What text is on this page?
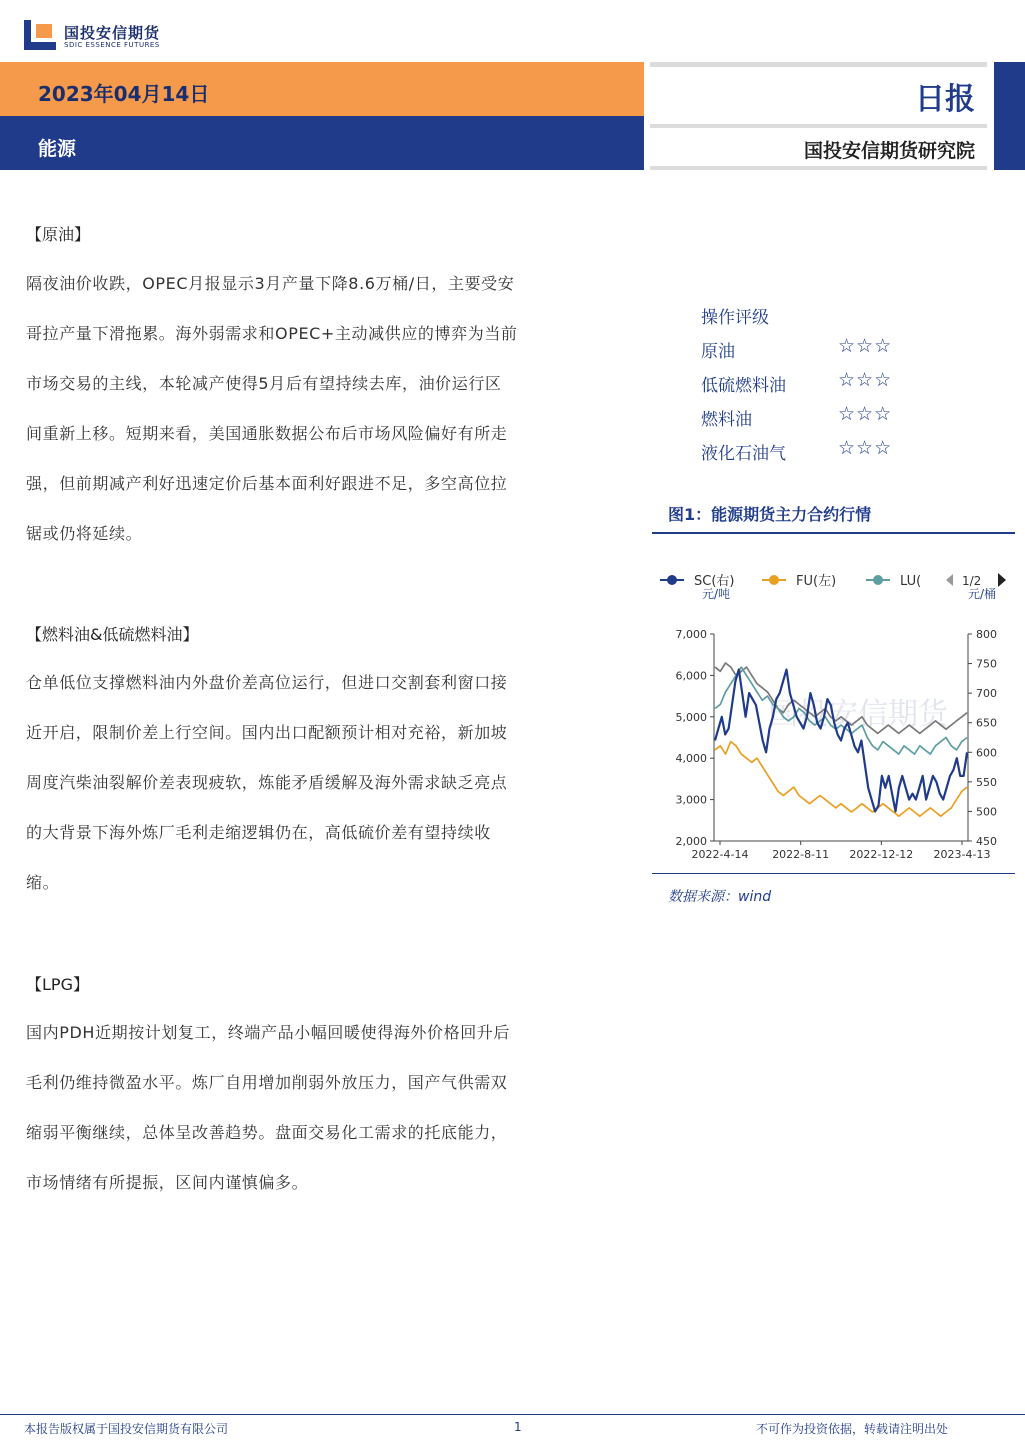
国投安信期货
SDIC ESSENCE FUTURES
2023年04月14日
能源
日报
国投安信期货研究院
【原油】
隔夜油价收跌，OPEC月报显示3月产量下降8.6万桶/日，主要受安
哥拉产量下滑拖累。海外弱需求和OPEC+主动减供应的博弈为当前
市场交易的主线，本轮减产使得5月后有望持续去库，油价运行区
间重新上移。短期来看，美国通胀数据公布后市场风险偏好有所走
强，但前期减产利好迅速定价后基本面利好跟进不足，多空高位拉
锯或仍将延续。
【燃料油&低硫燃料油】
仓单低位支撑燃料油内外盘价差高位运行，但进口交割套利窗口接
近开启，限制价差上行空间。国内出口配额预计相对充裕，新加坡
周度汽柴油裂解价差表现疲软，炼能矛盾缓解及海外需求缺乏亮点
的大背景下海外炼厂毛利走缩逻辑仍在，高低硫价差有望持续收
缩。
【LPG】
国内PDH近期按计划复工，终端产品小幅回暖使得海外价格回升后
毛利仍维持微盈水平。炼厂自用增加削弱外放压力，国产气供需双
缩弱平衡继续，总体呈改善趋势。盘面交易化工需求的托底能力，
市场情绪有所提振，区间内谨慎偏多。
操作评级
原油	☆☆☆
低硫燃料油	☆☆☆
燃料油	☆☆☆
液化石油气	☆☆☆
图1：能源期货主力合约行情
SC(右)	FU(左)	LU(	1/2
元/吨	元/桶
国投安信期货
2,000
3,000
4,000
5,000
6,000
7,000
450
500
550
600
650
700
750
800
2022-4-14 2022-8-11 2022-12-12 2023-4-13
数据来源：wind
本报告版权属于国投安信期货有限公司	1	不可作为投资依据，转载请注明出处
